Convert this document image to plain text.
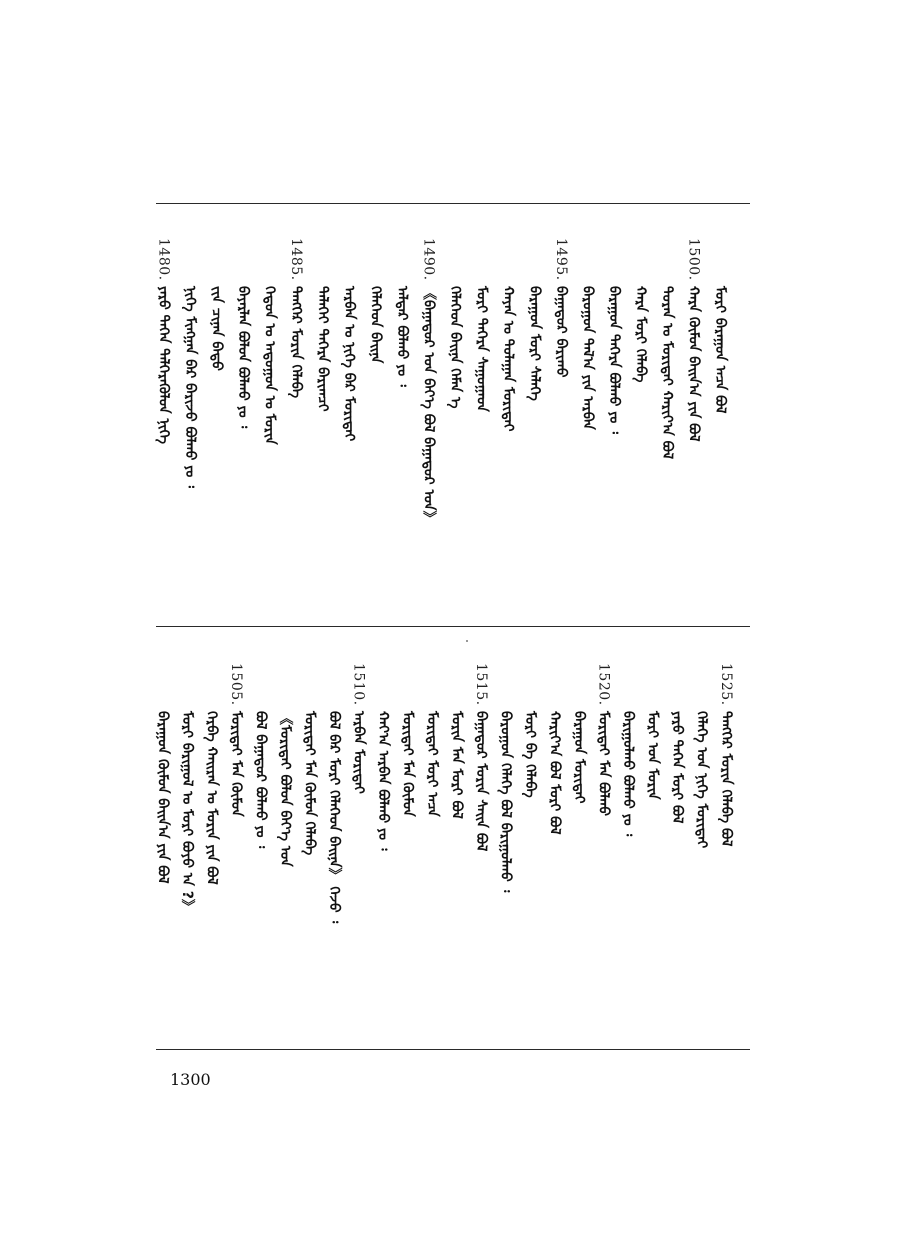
1480.
ᠶᠡᠷᠦ ᠳᠡᠭᠡᠨ ᠳᠡᠯᠭᠡᠷᠡᠭᠦᠯᠦᠨ ᠨᠢᠭᠡ ᠨᠢᠭᠡ ᠮᠢᠩᠭᠠᠨ ᠪᠡᠷ ᠪᠠᠷᠢᠵᠤ ᠪᠣᠯᠬᠤ ᠶᠤ ᠄ ᠵᠢᠨ ᠴᠢᠨᠠᠨ ᠪᠠᠳᠤ ᠪᠠᠶᠠᠷᠯᠠᠨ ᠪᠣᠯᠤᠨ ᠪᠤᠯᠬᠤ ᠶᠤ ᠄ ᠬᠡᠳᠦᠨ ᠤ ᠠᠳᠤᠭᠤᠨ ᠤ ᠮᠣᠷᠢᠨ
1485.
ᠲᠡᠩᠭᠡᠷ ᠮᠣᠷᠢᠨ ᠬᠡᠯᠡᠪᠡ ᠳᠡᠯᠡᠭᠡᠢ ᠳᠡᠭᠡᠷᠡ ᠪᠠᠷᠢᠭᠴᠢ ᠠᠷᠪᠠᠨ ᠤ ᠨᠢᠭᠡ ᠪᠡᠷ ᠮᠣᠷᠢᠲᠠᠢ ᠬᠡᠯᠡᠭᠡᠳ ᠪᠠᠢᠨᠠ ᠠᠯᠳᠠᠷ ᠪᠣᠯᠬᠤ ᠶᠤ ᠄
1490.
《ᠪᠠᠭᠠᠳᠤᠷ ᠤᠨ ᠪᠡᠶ᠎ᠡ ᠪᠣᠯ ᠪᠠᠭᠠᠲᠤᠷ ᠤᠨ》 ᠬᠡᠯᠡᠭᠡᠳ ᠪᠠᠢᠨᠠ ᠬᠡᠮᠡᠨ ᠡ ᠮᠣᠷᠢ ᠳᠡᠭᠡᠷᠡ ᠰᠠᠭᠤᠭᠠᠳ ᠬᠠᠶᠠᠨ ᠤ ᠳᠤᠯᠠᠭᠠᠨ ᠮᠣᠷᠢᠲᠠᠢ ᠪᠠᠷᠠᠭᠤᠨ ᠮᠣᠷᠢ ᠰᠡᠯᠡᠭᠡ
1495.
ᠪᠠᠭᠠᠲᠤᠷ ᠪᠠᠷᠢᠬᠤ ᠪᠠᠷᠤᠭᠤᠨ ᠲᠠᠯ᠎ᠠ ᠶᠢᠨ ᠠᠷᠪᠠᠨ ᠪᠠᠷᠠᠭᠤᠨ ᠳᠡᠭᠡᠷᠡ ᠪᠣᠯᠬᠤ ᠶᠤ ᠄ ᠬᠠᠷᠠ ᠮᠣᠷᠢ ᠬᠡᠯᠡᠪᠡ ᠳᠤᠷᠠᠨ ᠤ ᠮᠣᠷᠢᠲᠠᠢ ᠬᠠᠷᠢᠶ᠎ᠠ ᠪᠣᠯ
1500.
ᠬᠠᠷᠠ ᠬᠦᠮᠦᠨ ᠪᠠᠢᠨ᠎ᠠ ᠶᠢᠨ ᠪᠣᠯ ᠮᠣᠷᠢ ᠪᠠᠷᠠᠭᠤᠨ ᠠᠴᠠ ᠪᠣᠯ
ᠪᠠᠷᠠᠭᠤᠨ ᠬᠦᠮᠦᠨ ᠪᠠᠢᠨ᠎ᠠ ᠶᠢᠨ ᠪᠣᠯ ᠮᠣᠷᠢ ᠪᠠᠷᠢᠭᠤᠯ ᠤ ᠮᠣᠷᠢ ᠪᠤᠶᠤ ᠠ ?》 ᠬᠡᠷᠪᠡ ᠬᠠᠢᠷᠠᠨ ᠤ ᠮᠣᠷᠢᠨ ᠶᠢᠨ ᠪᠣᠯ
1505.
ᠮᠣᠷᠢᠲᠠᠢ ᠮᠠᠨ ᠬᠦᠮᠦᠨ ᠪᠣᠯ ᠪᠠᠭᠠᠳᠤᠷ ᠪᠣᠯᠬᠤ ᠶᠤ ᠄ 《ᠮᠣᠷᠢᠲᠠᠢ ᠪᠣᠯᠤᠨ ᠪᠡᠶ᠎ᠡ ᠤᠨ ᠮᠣᠷᠢᠲᠠᠢ ᠮᠠᠨ ᠬᠦᠮᠦᠨ ᠬᠡᠯᠡᠪᠡ ᠪᠣᠯ ᠪᠠᠷ ᠮᠣᠷᠢ ᠬᠡᠯᠡᠭᠡᠳ ᠪᠠᠢᠨᠠ》 ᠭᠡᠵᠦ ᠄
1510.
ᠠᠷᠪᠠᠨ ᠮᠣᠷᠢᠲᠠᠢ ᠬᠠᠶ᠎ᠠ ᠠᠷᠪᠠᠨ ᠪᠣᠯᠬᠤ ᠶᠤ ᠄ ᠮᠣᠷᠢᠲᠠᠢ ᠮᠠᠨ ᠬᠦᠮᠦᠨ ᠮᠣᠷᠢᠲᠠᠢ ᠮᠣᠷᠢ ᠠᠴᠠ ᠮᠣᠷᠢᠨ ᠮᠠᠨ ᠮᠣᠷᠢ ᠪᠣᠯ
1515.
ᠪᠠᠭᠠᠲᠤᠷ ᠮᠣᠷᠢᠨ ᠰᠠᠢᠨ ᠪᠣᠯ ᠪᠠᠷᠤᠭᠤᠨ ᠬᠡᠯᠡᠭᠡ ᠪᠣᠯ ᠪᠠᠷᠢᠭᠤᠯᠬᠤ ᠄ ᠮᠣᠷᠢ ᠪᠠ ᠬᠡᠯᠡᠪᠡ ᠬᠠᠷᠢᠶ᠎ᠠ ᠪᠣᠯ ᠮᠣᠷᠢ ᠪᠣᠯ ᠪᠠᠷᠠᠭᠤᠨ ᠮᠣᠷᠢᠲᠠᠢ
1520.
ᠮᠣᠷᠢᠲᠠᠢ ᠮᠠᠨ ᠪᠣᠯᠬᠤ ᠪᠠᠷᠢᠭᠤᠯᠬᠤ ᠪᠣᠯᠬᠤ ᠶᠤ ᠄ ᠮᠣᠷᠢ ᠤᠨ ᠮᠣᠷᠢᠨ ᠶᠡᠷᠦ ᠳᠡᠭᠡᠨ ᠮᠣᠷᠢ ᠪᠣᠯ ᠬᠡᠯᠡᠭᠡ ᠤᠨ ᠨᠢᠭᠡ ᠮᠣᠷᠢᠲᠠᠢ
1525.
ᠲᠡᠩᠭᠡᠷ ᠮᠣᠷᠢᠨ ᠬᠡᠯᠡᠪᠡ ᠪᠣᠯ
1300
